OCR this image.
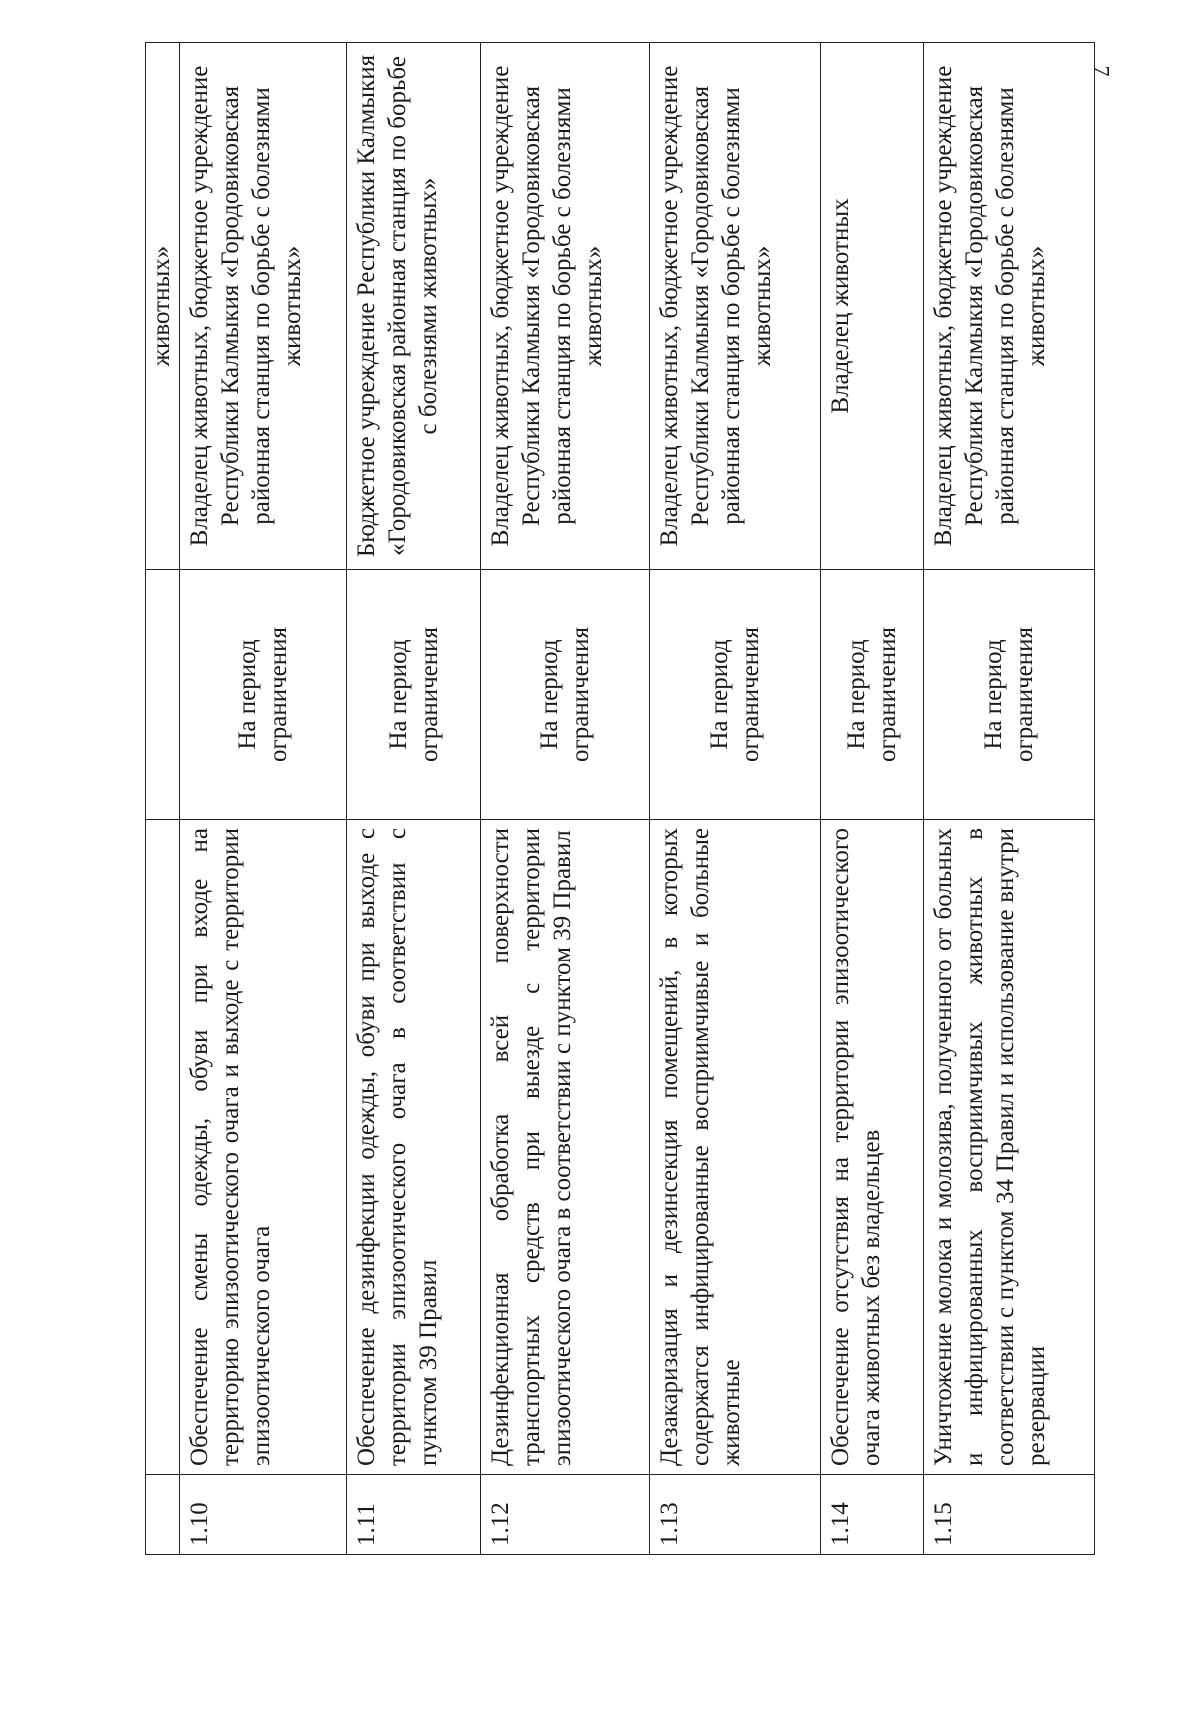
7
			животных»
1.10	Обеспечение смены одежды, обуви при входе на территорию эпизоотического очага и выходе с территории эпизоотического очага	На период ограничения	Владелец животных, бюджетное учреждение Республики Калмыкия «Городовиковская районная станция по борьбе с болезнями животных»
1.11	Обеспечение дезинфекции одежды, обуви при выходе с территории эпизоотического очага в соответствии с пунктом 39 Правил	На период ограничения	Бюджетное учреждение Республики Калмыкия «Городовиковская районная станция по борьбе с болезнями животных»
1.12	Дезинфекционная обработка всей поверхности транспортных средств при выезде с территории эпизоотического очага в соответствии с пунктом 39 Правил	На период ограничения	Владелец животных, бюджетное учреждение Республики Калмыкия «Городовиковская районная станция по борьбе с болезнями животных»
1.13	Дезакаризация и дезинсекция помещений, в которых содержатся инфицированные восприимчивые и больные животные	На период ограничения	Владелец животных, бюджетное учреждение Республики Калмыкия «Городовиковская районная станция по борьбе с болезнями животных»
1.14	Обеспечение отсутствия на территории эпизоотического очага животных без владельцев	На период ограничения	Владелец животных
1.15	Уничтожение молока и молозива, полученного от больных и инфицированных восприимчивых животных в соответствии с пунктом 34 Правил и использование внутри резервации	На период ограничения	Владелец животных, бюджетное учреждение Республики Калмыкия «Городовиковская районная станция по борьбе с болезнями животных»
